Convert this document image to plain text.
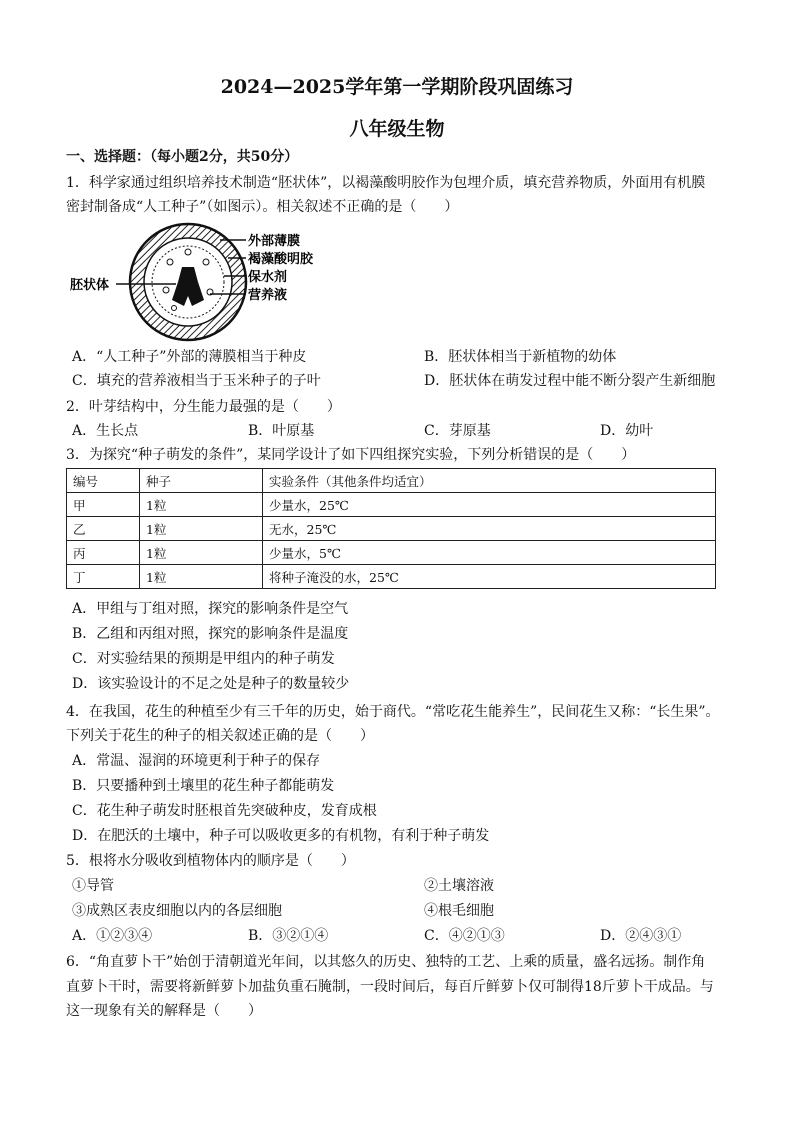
2024—2025学年第一学期阶段巩固练习
八年级生物
一、选择题：（每小题2分，共50分）
1．科学家通过组织培养技术制造“胚状体”，以褐藻酸明胶作为包埋介质，填充营养物质，外面用有机膜
密封制备成“人工种子”（如图示）。相关叙述不正确的是（　　）
外部薄膜
褐藻酸明胶
保水剂
营养液
胚状体
A．“人工种子”外部的薄膜相当于种皮	B．胚状体相当于新植物的幼体
C．填充的营养液相当于玉米种子的子叶	D．胚状体在萌发过程中能不断分裂产生新细胞
2．叶芽结构中，分生能力最强的是（　　）
A．生长点	B．叶原基	C．芽原基	D．幼叶
3．为探究“种子萌发的条件”，某同学设计了如下四组探究实验，下列分析错误的是（　　）
编号	种子	实验条件（其他条件均适宜）
甲	1粒	少量水，25℃
乙	1粒	无水，25℃
丙	1粒	少量水，5℃
丁	1粒	将种子淹没的水，25℃
A．甲组与丁组对照，探究的影响条件是空气
B．乙组和丙组对照，探究的影响条件是温度
C．对实验结果的预期是甲组内的种子萌发
D．该实验设计的不足之处是种子的数量较少
4．在我国，花生的种植至少有三千年的历史，始于商代。“常吃花生能养生”，民间花生又称：“长生果”。
下列关于花生的种子的相关叙述正确的是（　　）
A．常温、湿润的环境更利于种子的保存
B．只要播种到土壤里的花生种子都能萌发
C．花生种子萌发时胚根首先突破种皮，发育成根
D．在肥沃的土壤中，种子可以吸收更多的有机物，有利于种子萌发
5．根将水分吸收到植物体内的顺序是（　　）
①导管	②土壤溶液
③成熟区表皮细胞以内的各层细胞	④根毛细胞
A．①②③④	B．③②①④	C．④②①③	D．②④③①
6．“角直萝卜干”始创于清朝道光年间，以其悠久的历史、独特的工艺、上乘的质量，盛名远扬。制作角
直萝卜干时，需要将新鲜萝卜加盐负重石腌制，一段时间后，每百斤鲜萝卜仅可制得18斤萝卜干成品。与
这一现象有关的解释是（　　）
